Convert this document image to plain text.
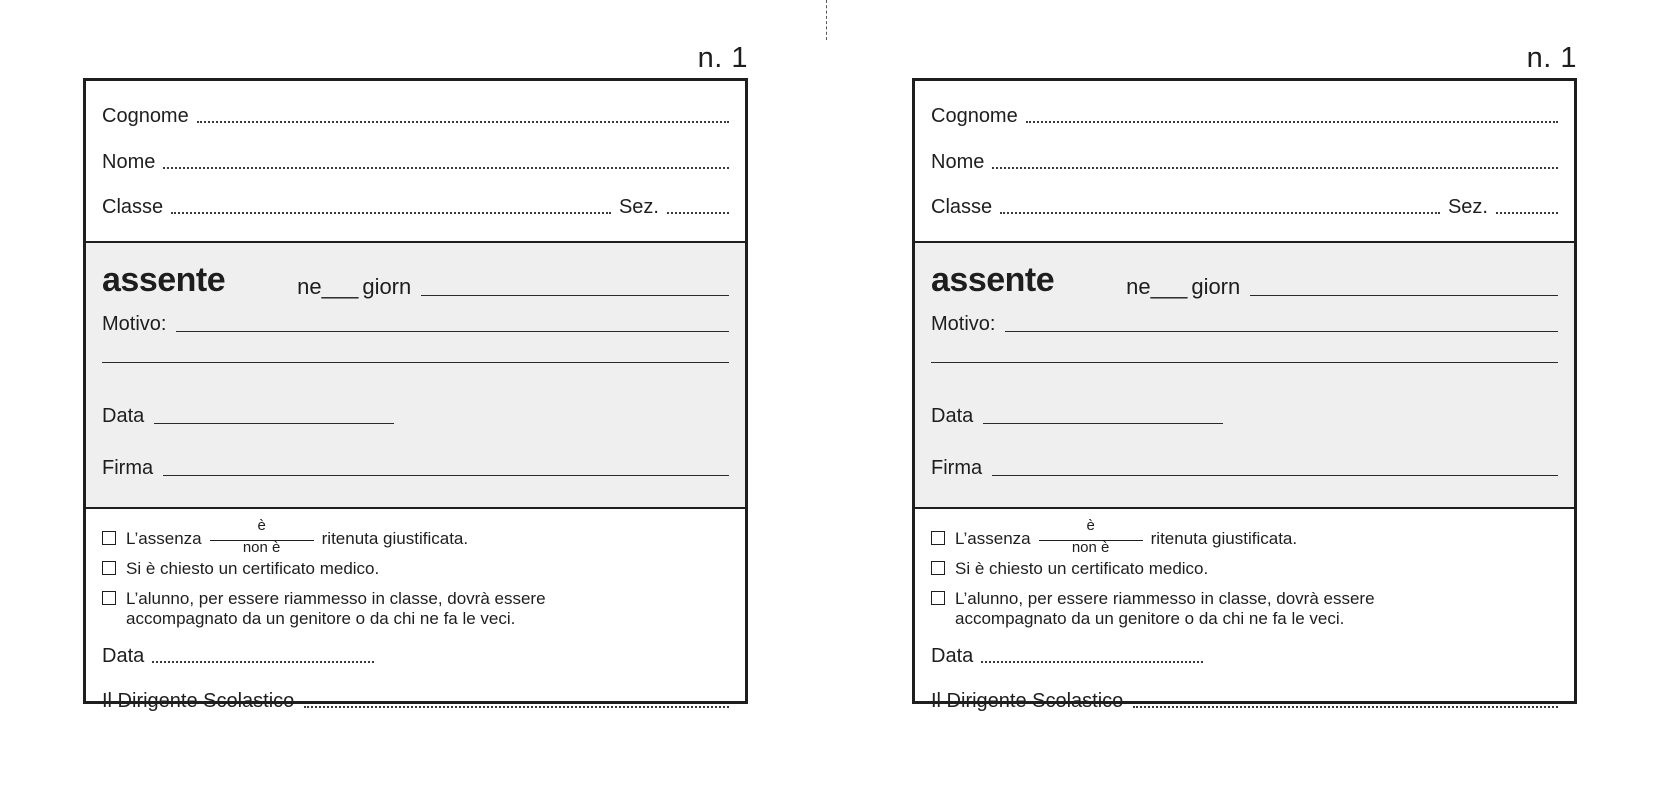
n. 1
Cognome
Nome
Classe	Sez.
assente	ne___ giorn
Motivo:
Data
Firma
L’assenza $\frac{è}{\text{non è}}$ ritenuta giustificata.
Si è chiesto un certificato medico.
L’alunno, per essere riammesso in classe, dovrà essere
accompagnato da un genitore o da chi ne fa le veci.
Data
Il Dirigente Scolastico
n. 1
Cognome
Nome
Classe	Sez.
assente	ne___ giorn
Motivo:
Data
Firma
L’assenza $\frac{è}{\text{non è}}$ ritenuta giustificata.
Si è chiesto un certificato medico.
L’alunno, per essere riammesso in classe, dovrà essere
accompagnato da un genitore o da chi ne fa le veci.
Data
Il Dirigente Scolastico
